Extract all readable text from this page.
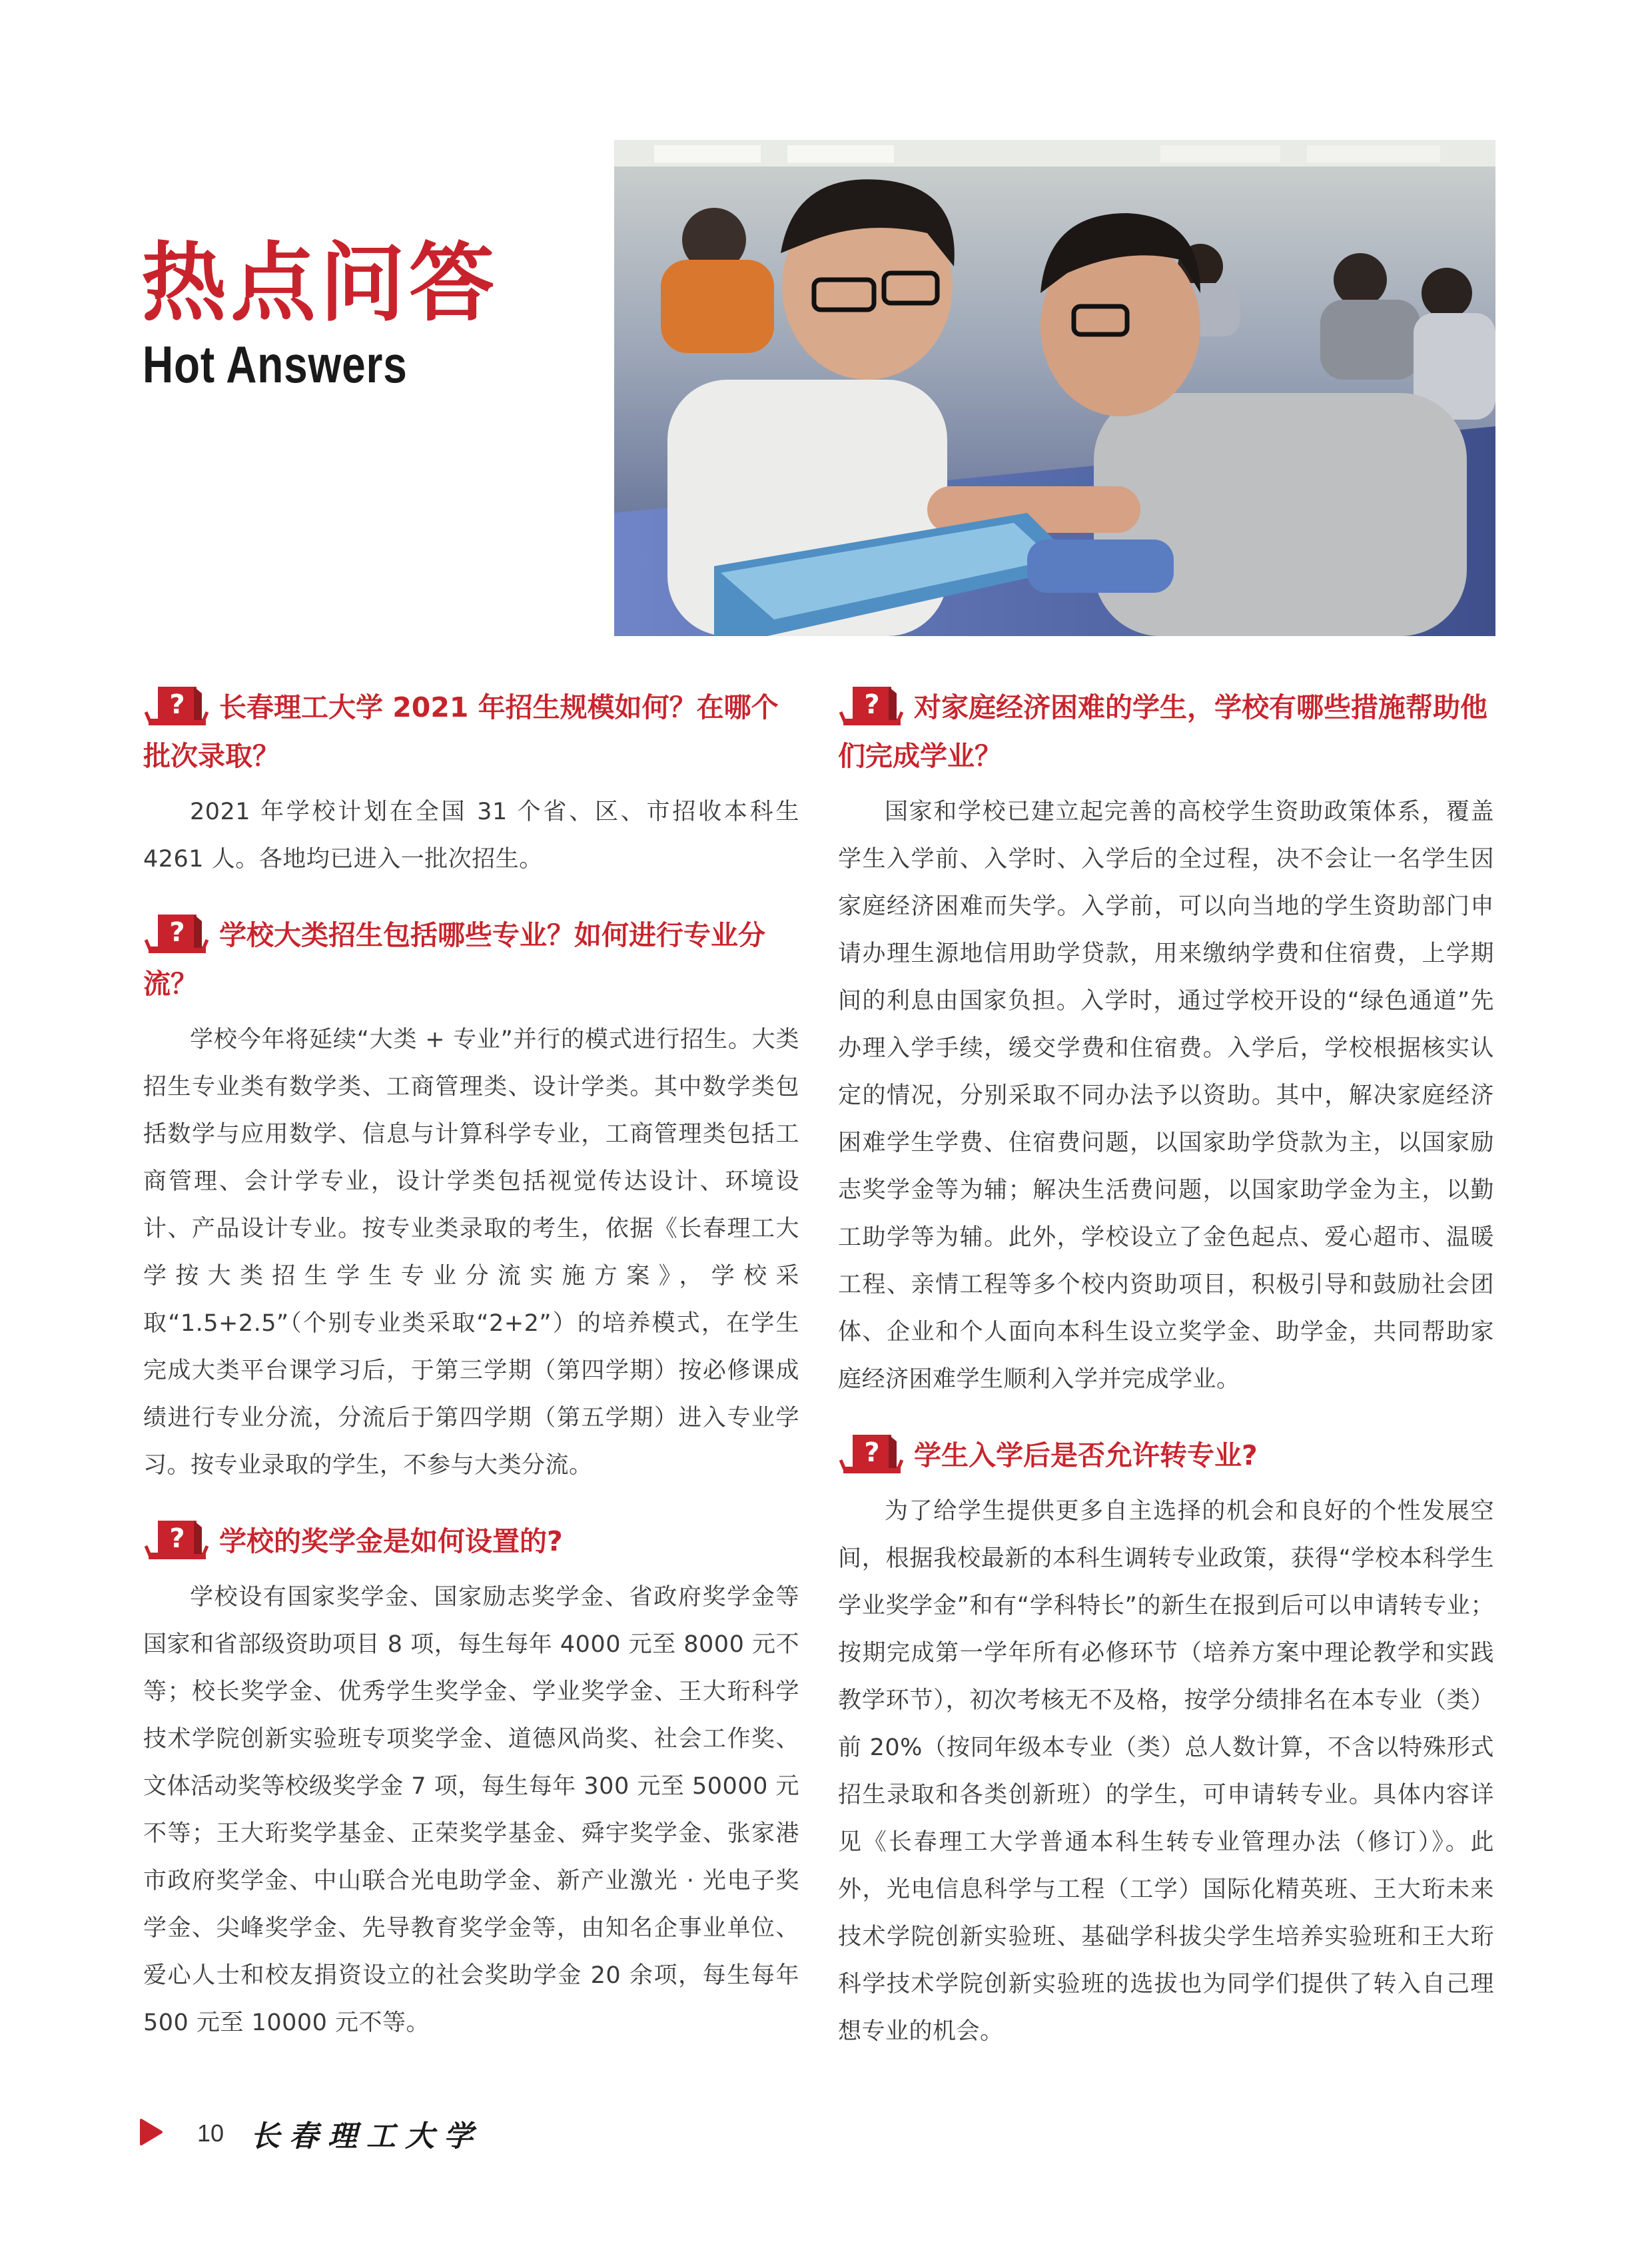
热点问答
Hot Answers
? 长春理工大学 2021 年招生规模如何？在哪个批次录取？

2021 年学校计划在全国 31 个省、区、市招收本科生 4261 人。各地均已进入一批次招生。

? 学校大类招生包括哪些专业？如何进行专业分流？

学校今年将延续“大类 + 专业”并行的模式进行招生。大类招生专业类有数学类、工商管理类、设计学类。其中数学类包括数学与应用数学、信息与计算科学专业，工商管理类包括工商管理、会计学专业，设计学类包括视觉传达设计、环境设计、产品设计专业。按专业类录取的考生，依据《长春理工大学按大类招生学生专业分流实施方案》，学校采取“1.5+2.5”（个别专业类采取“2+2”）的培养模式，在学生完成大类平台课学习后，于第三学期（第四学期）按必修课成绩进行专业分流，分流后于第四学期（第五学期）进入专业学习。按专业录取的学生，不参与大类分流。

? 学校的奖学金是如何设置的?

学校设有国家奖学金、国家励志奖学金、省政府奖学金等国家和省部级资助项目 8 项，每生每年 4000 元至 8000 元不等；校长奖学金、优秀学生奖学金、学业奖学金、王大珩科学技术学院创新实验班专项奖学金、道德风尚奖、社会工作奖、文体活动奖等校级奖学金 7 项，每生每年 300 元至 50000 元不等；王大珩奖学基金、正荣奖学基金、舜宇奖学金、张家港市政府奖学金、中山联合光电助学金、新产业激光 · 光电子奖学金、尖峰奖学金、先导教育奖学金等，由知名企事业单位、爱心人士和校友捐资设立的社会奖助学金 20 余项，每生每年 500 元至 10000 元不等。

? 对家庭经济困难的学生，学校有哪些措施帮助他们完成学业？

国家和学校已建立起完善的高校学生资助政策体系，覆盖学生入学前、入学时、入学后的全过程，决不会让一名学生因家庭经济困难而失学。入学前，可以向当地的学生资助部门申请办理生源地信用助学贷款，用来缴纳学费和住宿费，上学期间的利息由国家负担。入学时，通过学校开设的“绿色通道”先办理入学手续，缓交学费和住宿费。入学后，学校根据核实认定的情况，分别采取不同办法予以资助。其中，解决家庭经济困难学生学费、住宿费问题，以国家助学贷款为主，以国家励志奖学金等为辅；解决生活费问题，以国家助学金为主，以勤工助学等为辅。此外，学校设立了金色起点、爱心超市、温暖工程、亲情工程等多个校内资助项目，积极引导和鼓励社会团体、企业和个人面向本科生设立奖学金、助学金，共同帮助家庭经济困难学生顺利入学并完成学业。

? 学生入学后是否允许转专业?

为了给学生提供更多自主选择的机会和良好的个性发展空间，根据我校最新的本科生调转专业政策，获得“学校本科学生学业奖学金”和有“学科特长”的新生在报到后可以申请转专业；按期完成第一学年所有必修环节（培养方案中理论教学和实践教学环节），初次考核无不及格，按学分绩排名在本专业（类）前 20%（按同年级本专业（类）总人数计算，不含以特殊形式招生录取和各类创新班）的学生，可申请转专业。具体内容详见《长春理工大学普通本科生转专业管理办法（修订）》。此外，光电信息科学与工程（工学）国际化精英班、王大珩未来技术学院创新实验班、基础学科拔尖学生培养实验班和王大珩科学技术学院创新实验班的选拔也为同学们提供了转入自己理想专业的机会。

10 长春理工大学
